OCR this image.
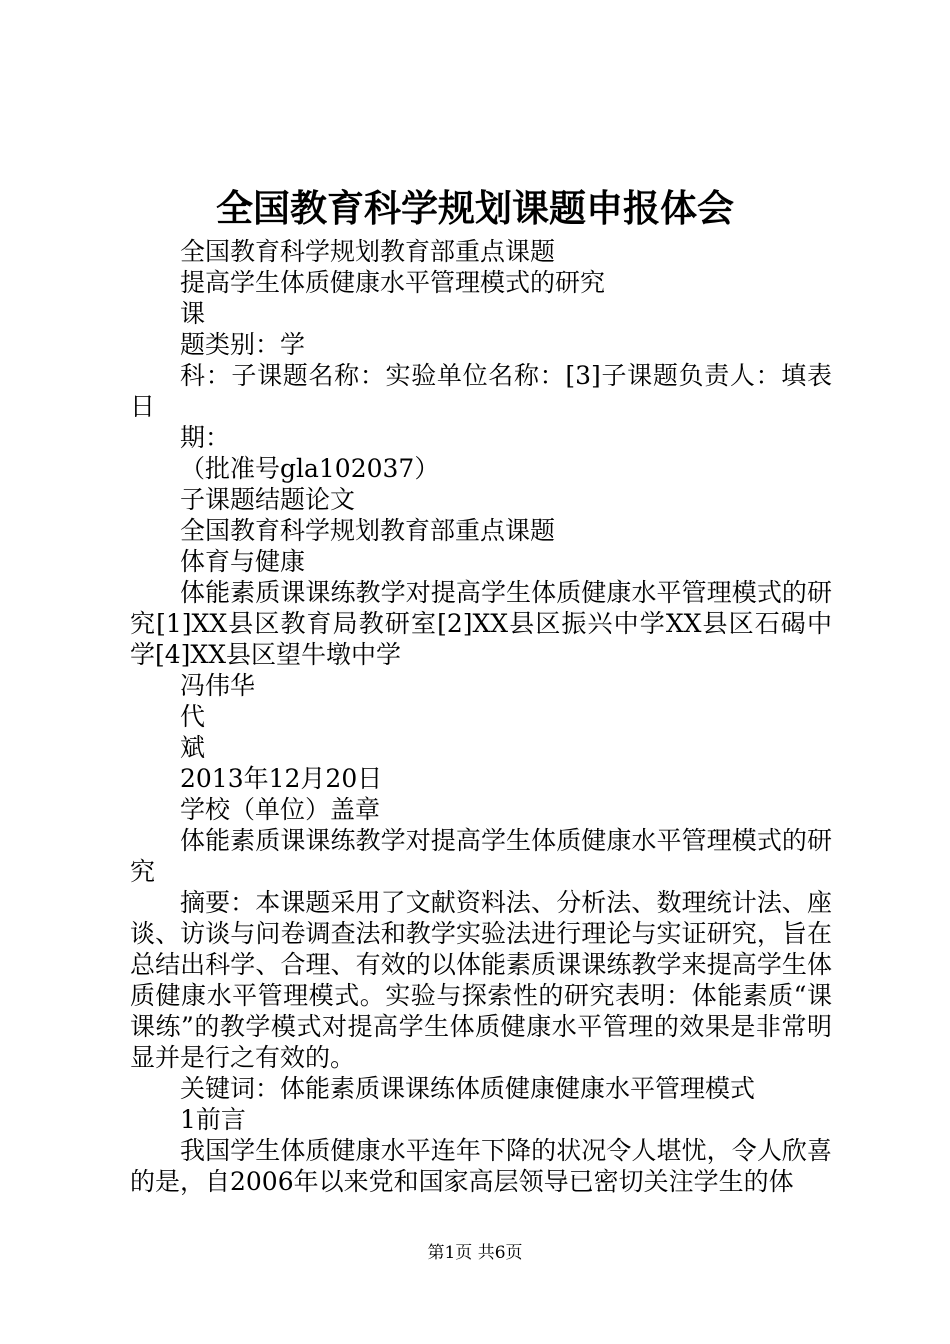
全国教育科学规划课题申报体会

全国教育科学规划教育部重点课题

提高学生体质健康水平管理模式的研究

课

题类别：学

科：子课题名称：实验单位名称：[3]子课题负责人：填表日

期：

（批准号gla102037）

子课题结题论文

全国教育科学规划教育部重点课题

体育与健康

体能素质课课练教学对提高学生体质健康水平管理模式的研究[1]XX县区教育局教研室[2]XX县区振兴中学XX县区石碣中学[4]XX县区望牛墩中学

冯伟华

代

斌

2013年12月20日

学校（单位）盖章

体能素质课课练教学对提高学生体质健康水平管理模式的研究

摘要：本课题采用了文献资料法、分析法、数理统计法、座谈、访谈与问卷调查法和教学实验法进行理论与实证研究，旨在总结出科学、合理、有效的以体能素质课课练教学来提高学生体质健康水平管理模式。实验与探索性的研究表明：体能素质“课课练”的教学模式对提高学生体质健康水平管理的效果是非常明显并是行之有效的。

关键词：体能素质课课练体质健康健康水平管理模式

1前言

我国学生体质健康水平连年下降的状况令人堪忧，令人欣喜的是，自2006年以来党和国家高层领导已密切关注学生的体

第1页 共6页
